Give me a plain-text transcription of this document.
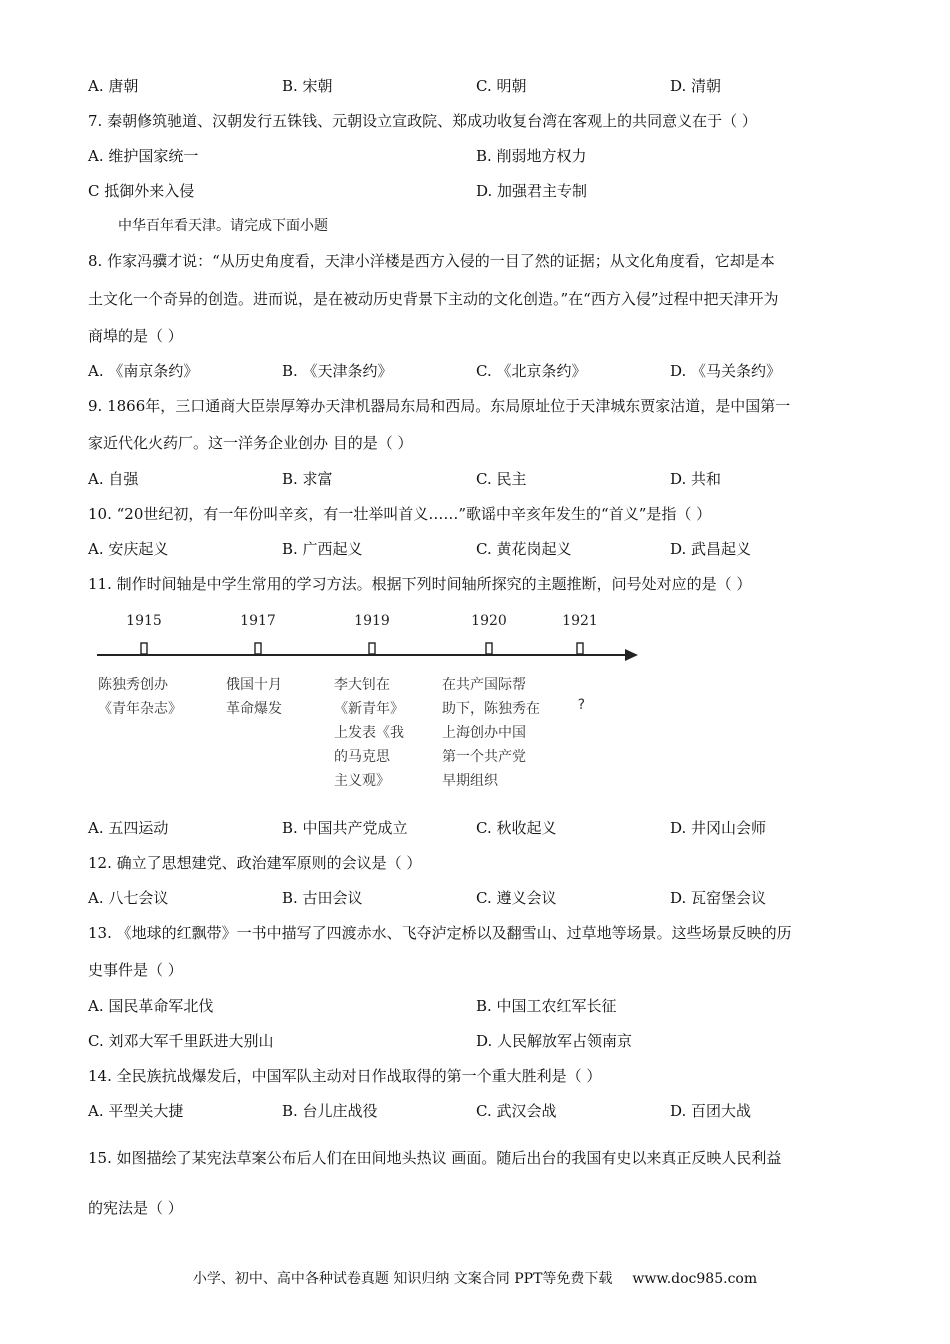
A. 唐朝	B. 宋朝	C. 明朝	D. 清朝
7. 秦朝修筑驰道、汉朝发行五铢钱、元朝设立宣政院、郑成功收复台湾在客观上的共同意义在于（ ）
A. 维护国家统一	B. 削弱地方权力
C 抵御外来入侵	D. 加强君主专制
中华百年看天津。请完成下面小题
8. 作家冯骥才说：“从历史角度看，天津小洋楼是西方入侵的一目了然的证据；从文化角度看，它却是本
土文化一个奇异的创造。进而说，是在被动历史背景下主动的文化创造。”在“西方入侵”过程中把天津开为
商埠的是（ ）
A. 《南京条约》	B. 《天津条约》	C. 《北京条约》	D. 《马关条约》
9. 1866年，三口通商大臣崇厚筹办天津机器局东局和西局。东局原址位于天津城东贾家沽道，是中国第一
家近代化火药厂。这一洋务企业创办 目的是（ ）
A. 自强	B. 求富	C. 民主	D. 共和
10. “20世纪初，有一年份叫辛亥，有一壮举叫首义……”歌谣中辛亥年发生的“首义”是指（ ）
A. 安庆起义	B. 广西起义	C. 黄花岗起义	D. 武昌起义
11. 制作时间轴是中学生常用的学习方法。根据下列时间轴所探究的主题推断，问号处对应的是（ ）
1915	1917	1919	1920	1921
陈独秀创办
《青年杂志》
俄国十月
革命爆发
李大钊在
《新青年》
上发表《我
的马克思
主义观》
在共产国际帮
助下，陈独秀在
上海创办中国
第一个共产党
早期组织
?
A. 五四运动	B. 中国共产党成立	C. 秋收起义	D. 井冈山会师
12. 确立了思想建党、政治建军原则的会议是（ ）
A. 八七会议	B. 古田会议	C. 遵义会议	D. 瓦窑堡会议
13. 《地球的红飘带》一书中描写了四渡赤水、飞夺泸定桥以及翻雪山、过草地等场景。这些场景反映的历
史事件是（ ）
A. 国民革命军北伐	B. 中国工农红军长征
C. 刘邓大军千里跃进大别山	D. 人民解放军占领南京
14. 全民族抗战爆发后，中国军队主动对日作战取得的第一个重大胜利是（ ）
A. 平型关大捷	B. 台儿庄战役	C. 武汉会战	D. 百团大战
15. 如图描绘了某宪法草案公布后人们在田间地头热议 画面。随后出台的我国有史以来真正反映人民利益
的宪法是（ ）
小学、初中、高中各种试卷真题 知识归纳 文案合同 PPT等免费下载 www.doc985.com
